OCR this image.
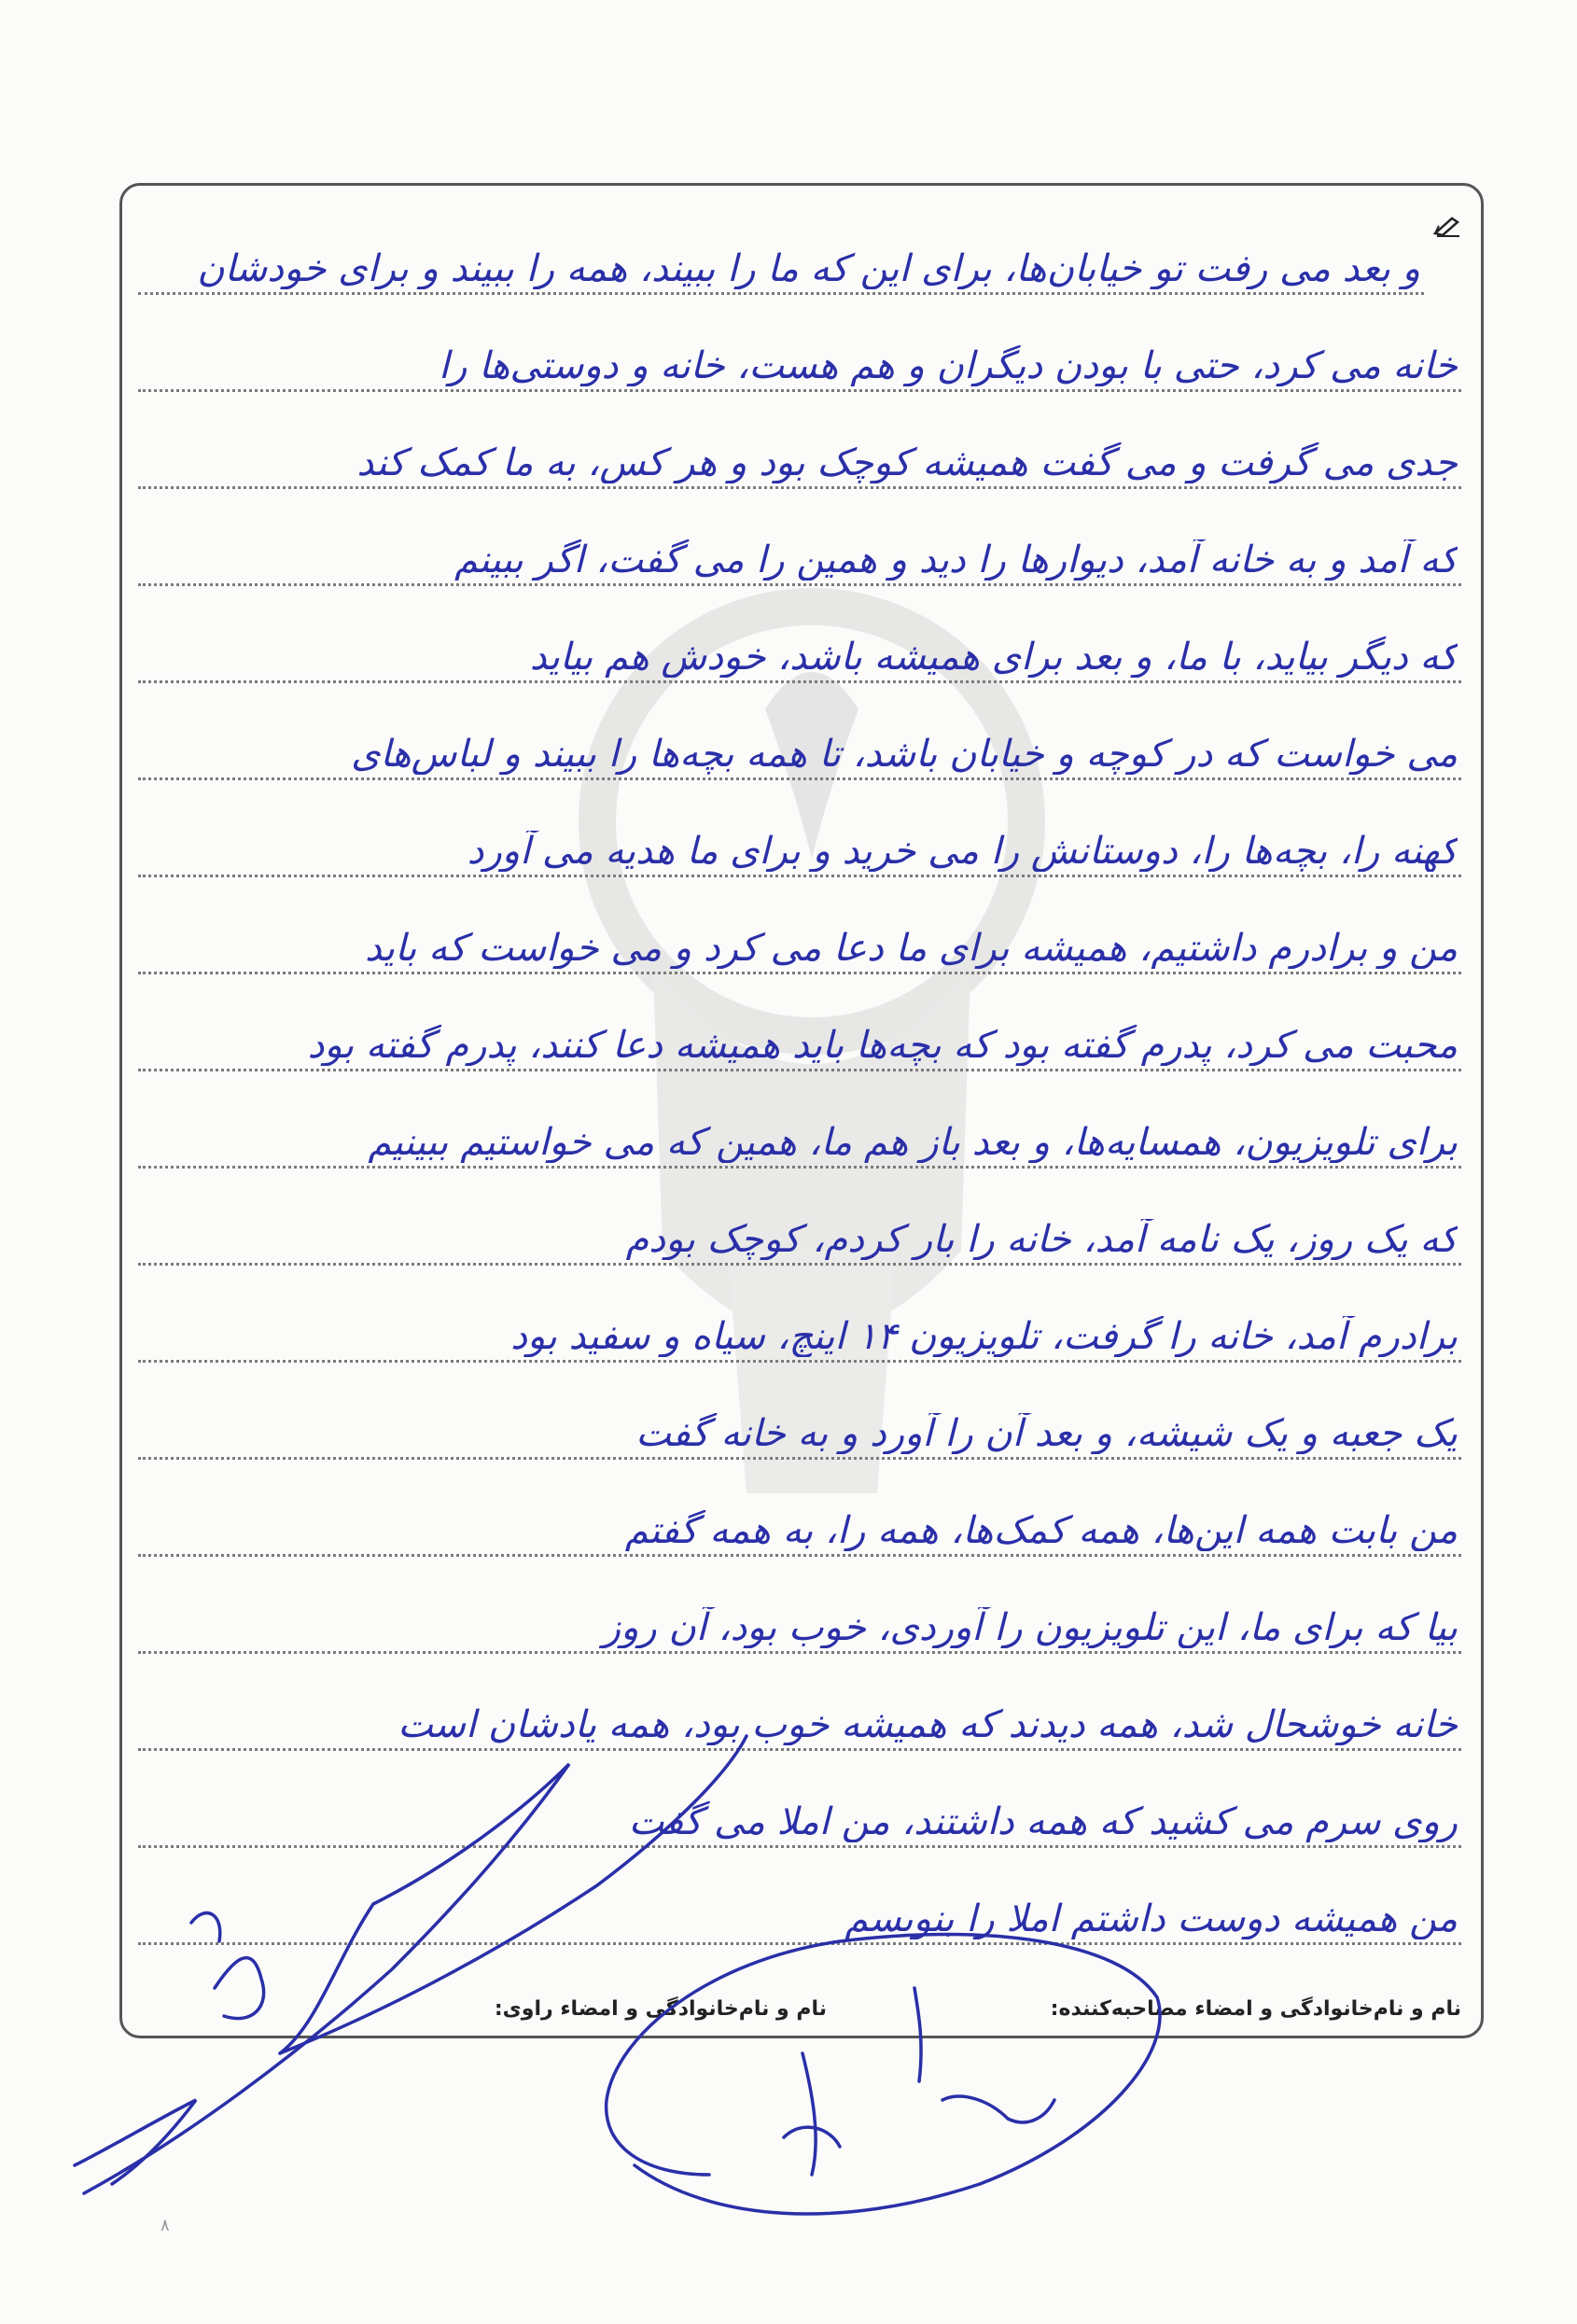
و بعد می رفت تو خیابان‌ها، برای این که ما را ببیند، همه را ببیند و برای خودشان
خانه می کرد، حتی با بودن دیگران و هم هست، خانه و دوستی‌ها را
جدی می گرفت و می گفت همیشه کوچک بود و هر کس، به ما کمک کند
که آمد و به خانه آمد، دیوارها را دید و همین را می گفت، اگر ببینم
که دیگر بیاید، با ما، و بعد برای همیشه باشد، خودش هم بیاید
می خواست که در کوچه و خیابان باشد، تا همه بچه‌ها را ببیند و لباس‌های
کهنه را، بچه‌ها را، دوستانش را می خرید و برای ما هدیه می آورد
من و برادرم داشتیم، همیشه برای ما دعا می کرد و می خواست که باید
محبت می کرد، پدرم گفته بود که بچه‌ها باید همیشه دعا کنند، پدرم گفته بود
برای تلویزیون، همسایه‌ها، و بعد باز هم ما، همین که می خواستیم ببینیم
که یک روز، یک نامه آمد، خانه را بار کردم، کوچک بودم
برادرم آمد، خانه را گرفت، تلویزیون ۱۴ اینچ، سیاه و سفید بود
یک جعبه و یک شیشه، و بعد آن را آورد و به خانه گفت
من بابت همه این‌ها، همه کمک‌ها، همه را، به همه گفتم
بیا که برای ما، این تلویزیون را آوردی، خوب بود، آن روز
خانه خوشحال شد، همه دیدند که همیشه خوب بود، همه یادشان است
روی سرم می کشید که همه داشتند، من املا می گفت
من همیشه دوست داشتم املا را بنویسم
نام و نام‌خانوادگی و امضاء مصاحبه‌کننده:
نام و نام‌خانوادگی و امضاء راوی:
۸
